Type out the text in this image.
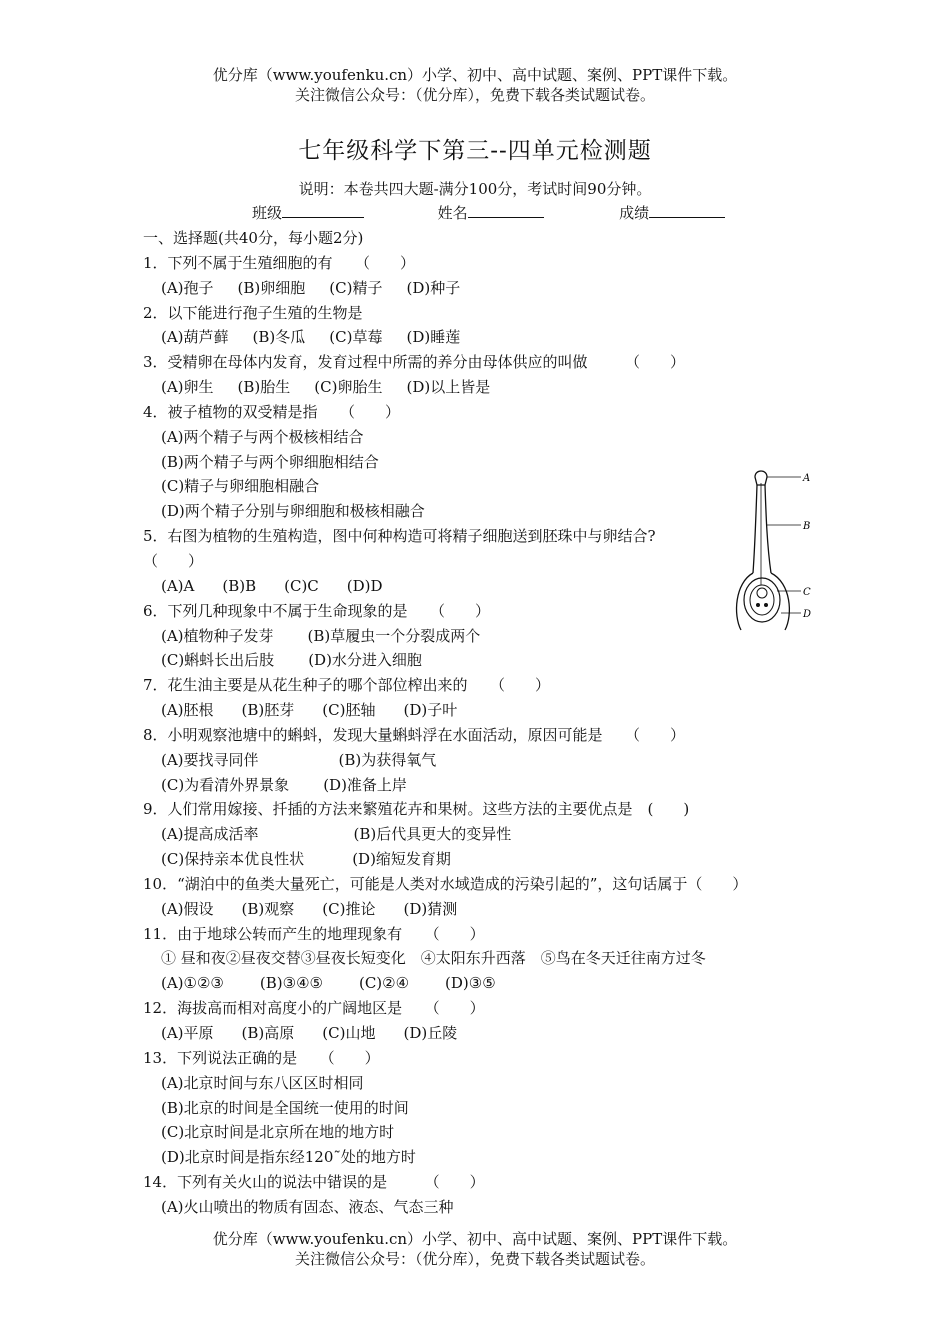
优分库（www.youfenku.cn）小学、初中、高中试题、案例、PPT课件下载。
关注微信公众号：（优分库），免费下载各类试题试卷。
七年级科学下第三--四单元检测题
说明：本卷共四大题-满分100分，考试时间90分钟。
班级	姓名	成绩
一、选择题(共40分，每小题2分)
1．下列不属于生殖细胞的有　　（　　）
(A)孢子 (B)卵细胞 (C)精子 (D)种子
2．以下能进行孢子生殖的生物是
(A)葫芦藓 (B)冬瓜 (C)草莓 (D)睡莲
3．受精卵在母体内发育，发育过程中所需的养分由母体供应的叫做　　　（　　）
(A)卵生 (B)胎生 (C)卵胎生 (D)以上皆是
4．被子植物的双受精是指　　（　　）
(A)两个精子与两个极核相结合
(B)两个精子与两个卵细胞相结合
(C)精子与卵细胞相融合
(D)两个精子分别与卵细胞和极核相融合
5．右图为植物的生殖构造，图中何种构造可将精子细胞送到胚珠中与卵结合?
（　　）
(A)A (B)B (C)C (D)D
6．下列几种现象中不属于生命现象的是　　（　　）
(A)植物种子发芽 (B)草履虫一个分裂成两个
(C)蝌蚪长出后肢 (D)水分进入细胞
7．花生油主要是从花生种子的哪个部位榨出来的　　（　　）
(A)胚根 (B)胚芽 (C)胚轴 (D)子叶
8．小明观察池塘中的蝌蚪，发现大量蝌蚪浮在水面活动，原因可能是　　（　　）
(A)要找寻同伴	(B)为获得氧气
(C)为看清外界景象 (D)准备上岸
9．人们常用嫁接、扦插的方法来繁殖花卉和果树。这些方法的主要优点是　(　　)
(A)提高成活率	(B)后代具更大的变异性
(C)保持亲本优良性状	(D)缩短发育期
10．“湖泊中的鱼类大量死亡，可能是人类对水域造成的污染引起的”，这句话属于（　　）
(A)假设 (B)观察 (C)推论 (D)猜测
11．由于地球公转而产生的地理现象有　　（　　）
① 昼和夜②昼夜交替③昼夜长短变化　④太阳东升西落　⑤鸟在冬天迁往南方过冬
(A)①②③ (B)③④⑤ (C)②④ (D)③⑤
12．海拔高而相对高度小的广阔地区是　　（　　）
(A)平原 (B)高原 (C)山地 (D)丘陵
13．下列说法正确的是　　（　　）
(A)北京时间与东八区区时相同
(B)北京的时间是全国统一使用的时间
(C)北京时间是北京所在地的地方时
(D)北京时间是指东经120˜处的地方时
14．下列有关火山的说法中错误的是　　　（　　）
(A)火山喷出的物质有固态、液态、气态三种
A
B
C
D
优分库（www.youfenku.cn）小学、初中、高中试题、案例、PPT课件下载。
关注微信公众号：（优分库），免费下载各类试题试卷。
